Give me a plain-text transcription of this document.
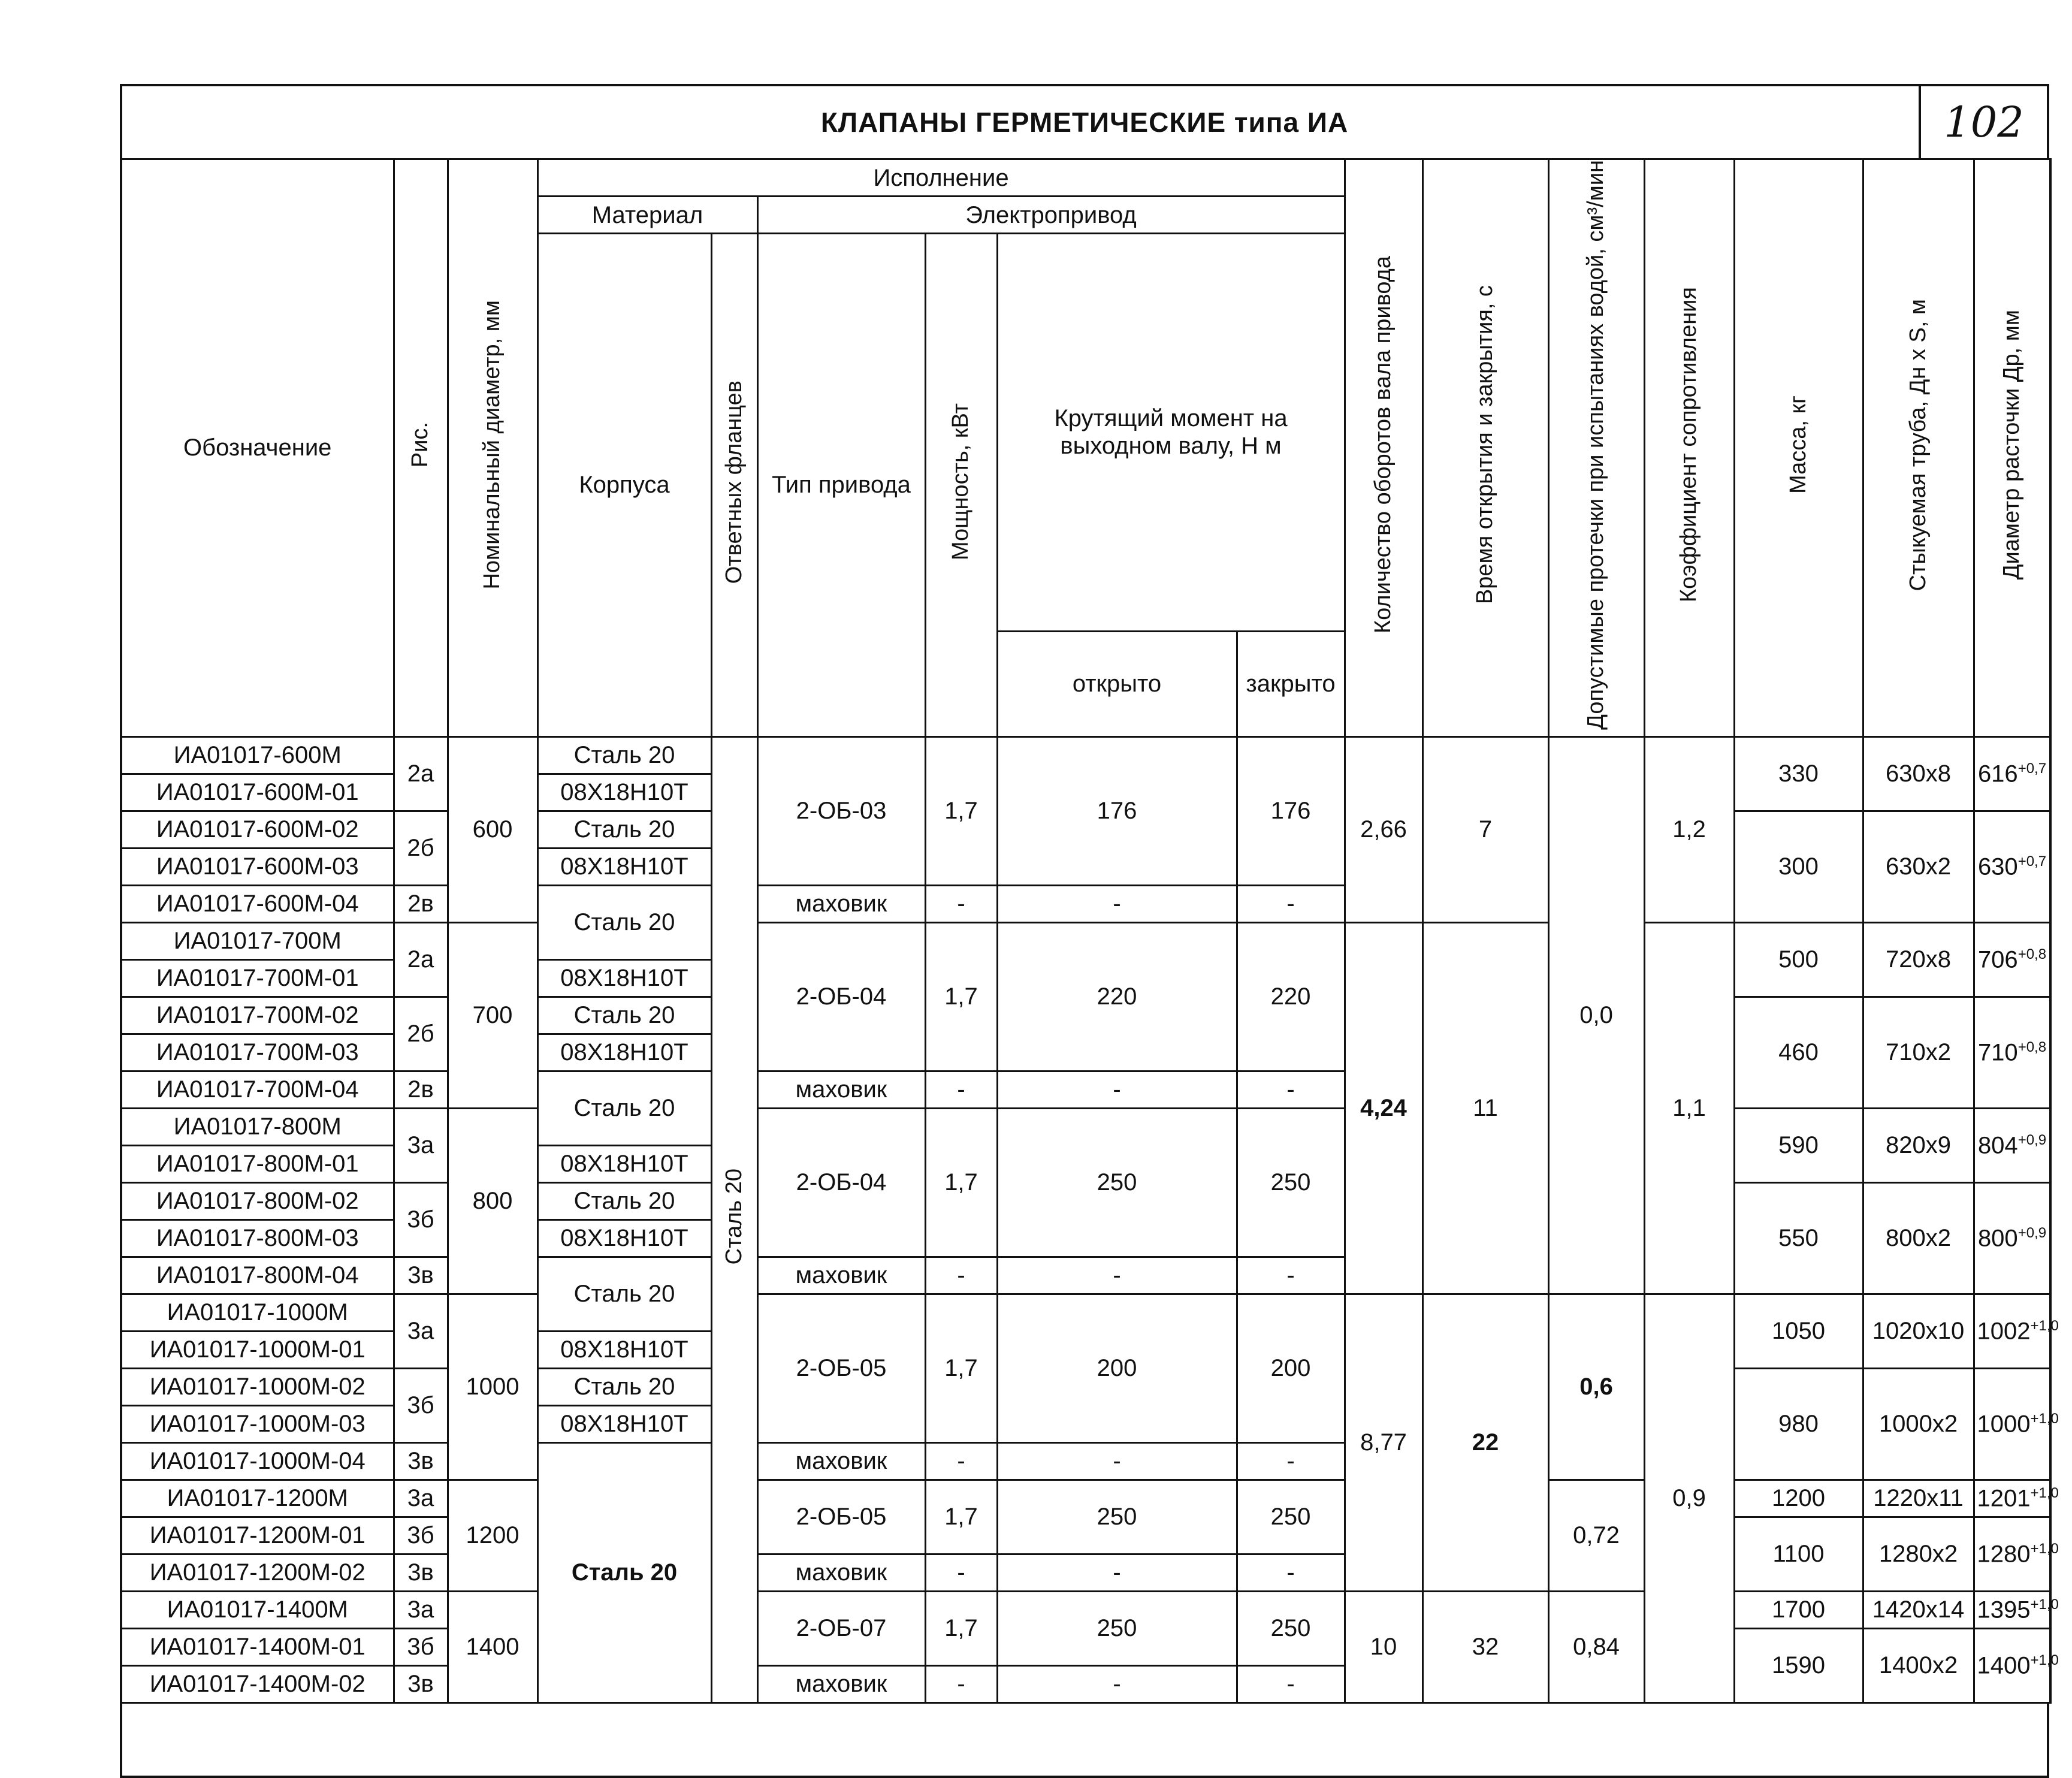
КЛАПАНЫ ГЕРМЕТИЧЕСКИЕ типа ИА	102
Обозначение	Рис.	Номинальный диаметр, мм	Исполнение						Количество оборотов вала привода	Время открытия и закрытия, с	Допустимые протечки при испытаниях водой, см³/мин	Коэффициент сопротивления	Масса, кг	Стыкуемая труба, Дн х S, м	Диаметр расточки Др, мм	
			Материал		Электропривод											
			Корпуса	Ответных фланцев	Тип привода	Мощность, кВт	Крутящий момент на выходном валу, Н м									
							открыто	закрыто								
ИА01017-600М	2а	600	Сталь 20	Сталь 20	2-ОБ-03	1,7	176	176	2,66	7	0,0	1,2	330	630х8	$616^{+0,7}$	
ИА01017-600М-01			08Х18Н10Т													
ИА01017-600М-02	2б		Сталь 20										300	630х2	$630^{+0,7}$	
ИА01017-600М-03			08Х18Н10Т													
ИА01017-600М-04	2в		Сталь 20		маховик	-	-	-								
ИА01017-700М	2а	700			2-ОБ-04	1,7	220	220	4,24	11		1,1	500	720х8	$706^{+0,8}$	
ИА01017-700М-01			08Х18Н10Т													
ИА01017-700М-02	2б		Сталь 20										460	710х2	$710^{+0,8}$	
ИА01017-700М-03			08Х18Н10Т													
ИА01017-700М-04	2в		Сталь 20		маховик	-	-	-								
ИА01017-800М	3а	800			2-ОБ-04	1,7	250	250					590	820х9	$804^{+0,9}$	
ИА01017-800М-01			08Х18Н10Т													
ИА01017-800М-02	3б		Сталь 20										550	800х2	$800^{+0,9}$	
ИА01017-800М-03			08Х18Н10Т													
ИА01017-800М-04	3в		Сталь 20		маховик	-	-	-								
ИА01017-1000М	3а	1000			2-ОБ-05	1,7	200	200	8,77	22	0,6	0,9	1050	1020х10	$1002^{+1,0}$	
ИА01017-1000М-01			08Х18Н10Т													
ИА01017-1000М-02	3б		Сталь 20										980	1000х2	$1000^{+1,0}$	
ИА01017-1000М-03			08Х18Н10Т													
ИА01017-1000М-04	3в		Сталь 20		маховик	-	-	-								
ИА01017-1200М	3а	1200			2-ОБ-05	1,7	250	250			0,72		1200	1220х11	$1201^{+1,0}$	
ИА01017-1200М-01	3б												1100	1280х2	$1280^{+1,0}$	
ИА01017-1200М-02	3в				маховик	-	-	-								
ИА01017-1400М	3а	1400			2-ОБ-07	1,7	250	250	10	32	0,84		1700	1420х14	$1395^{+1,0}$	
ИА01017-1400М-01	3б												1590	1400х2	$1400^{+1,0}$	
ИА01017-1400М-02	3в				маховик	-	-	-								
